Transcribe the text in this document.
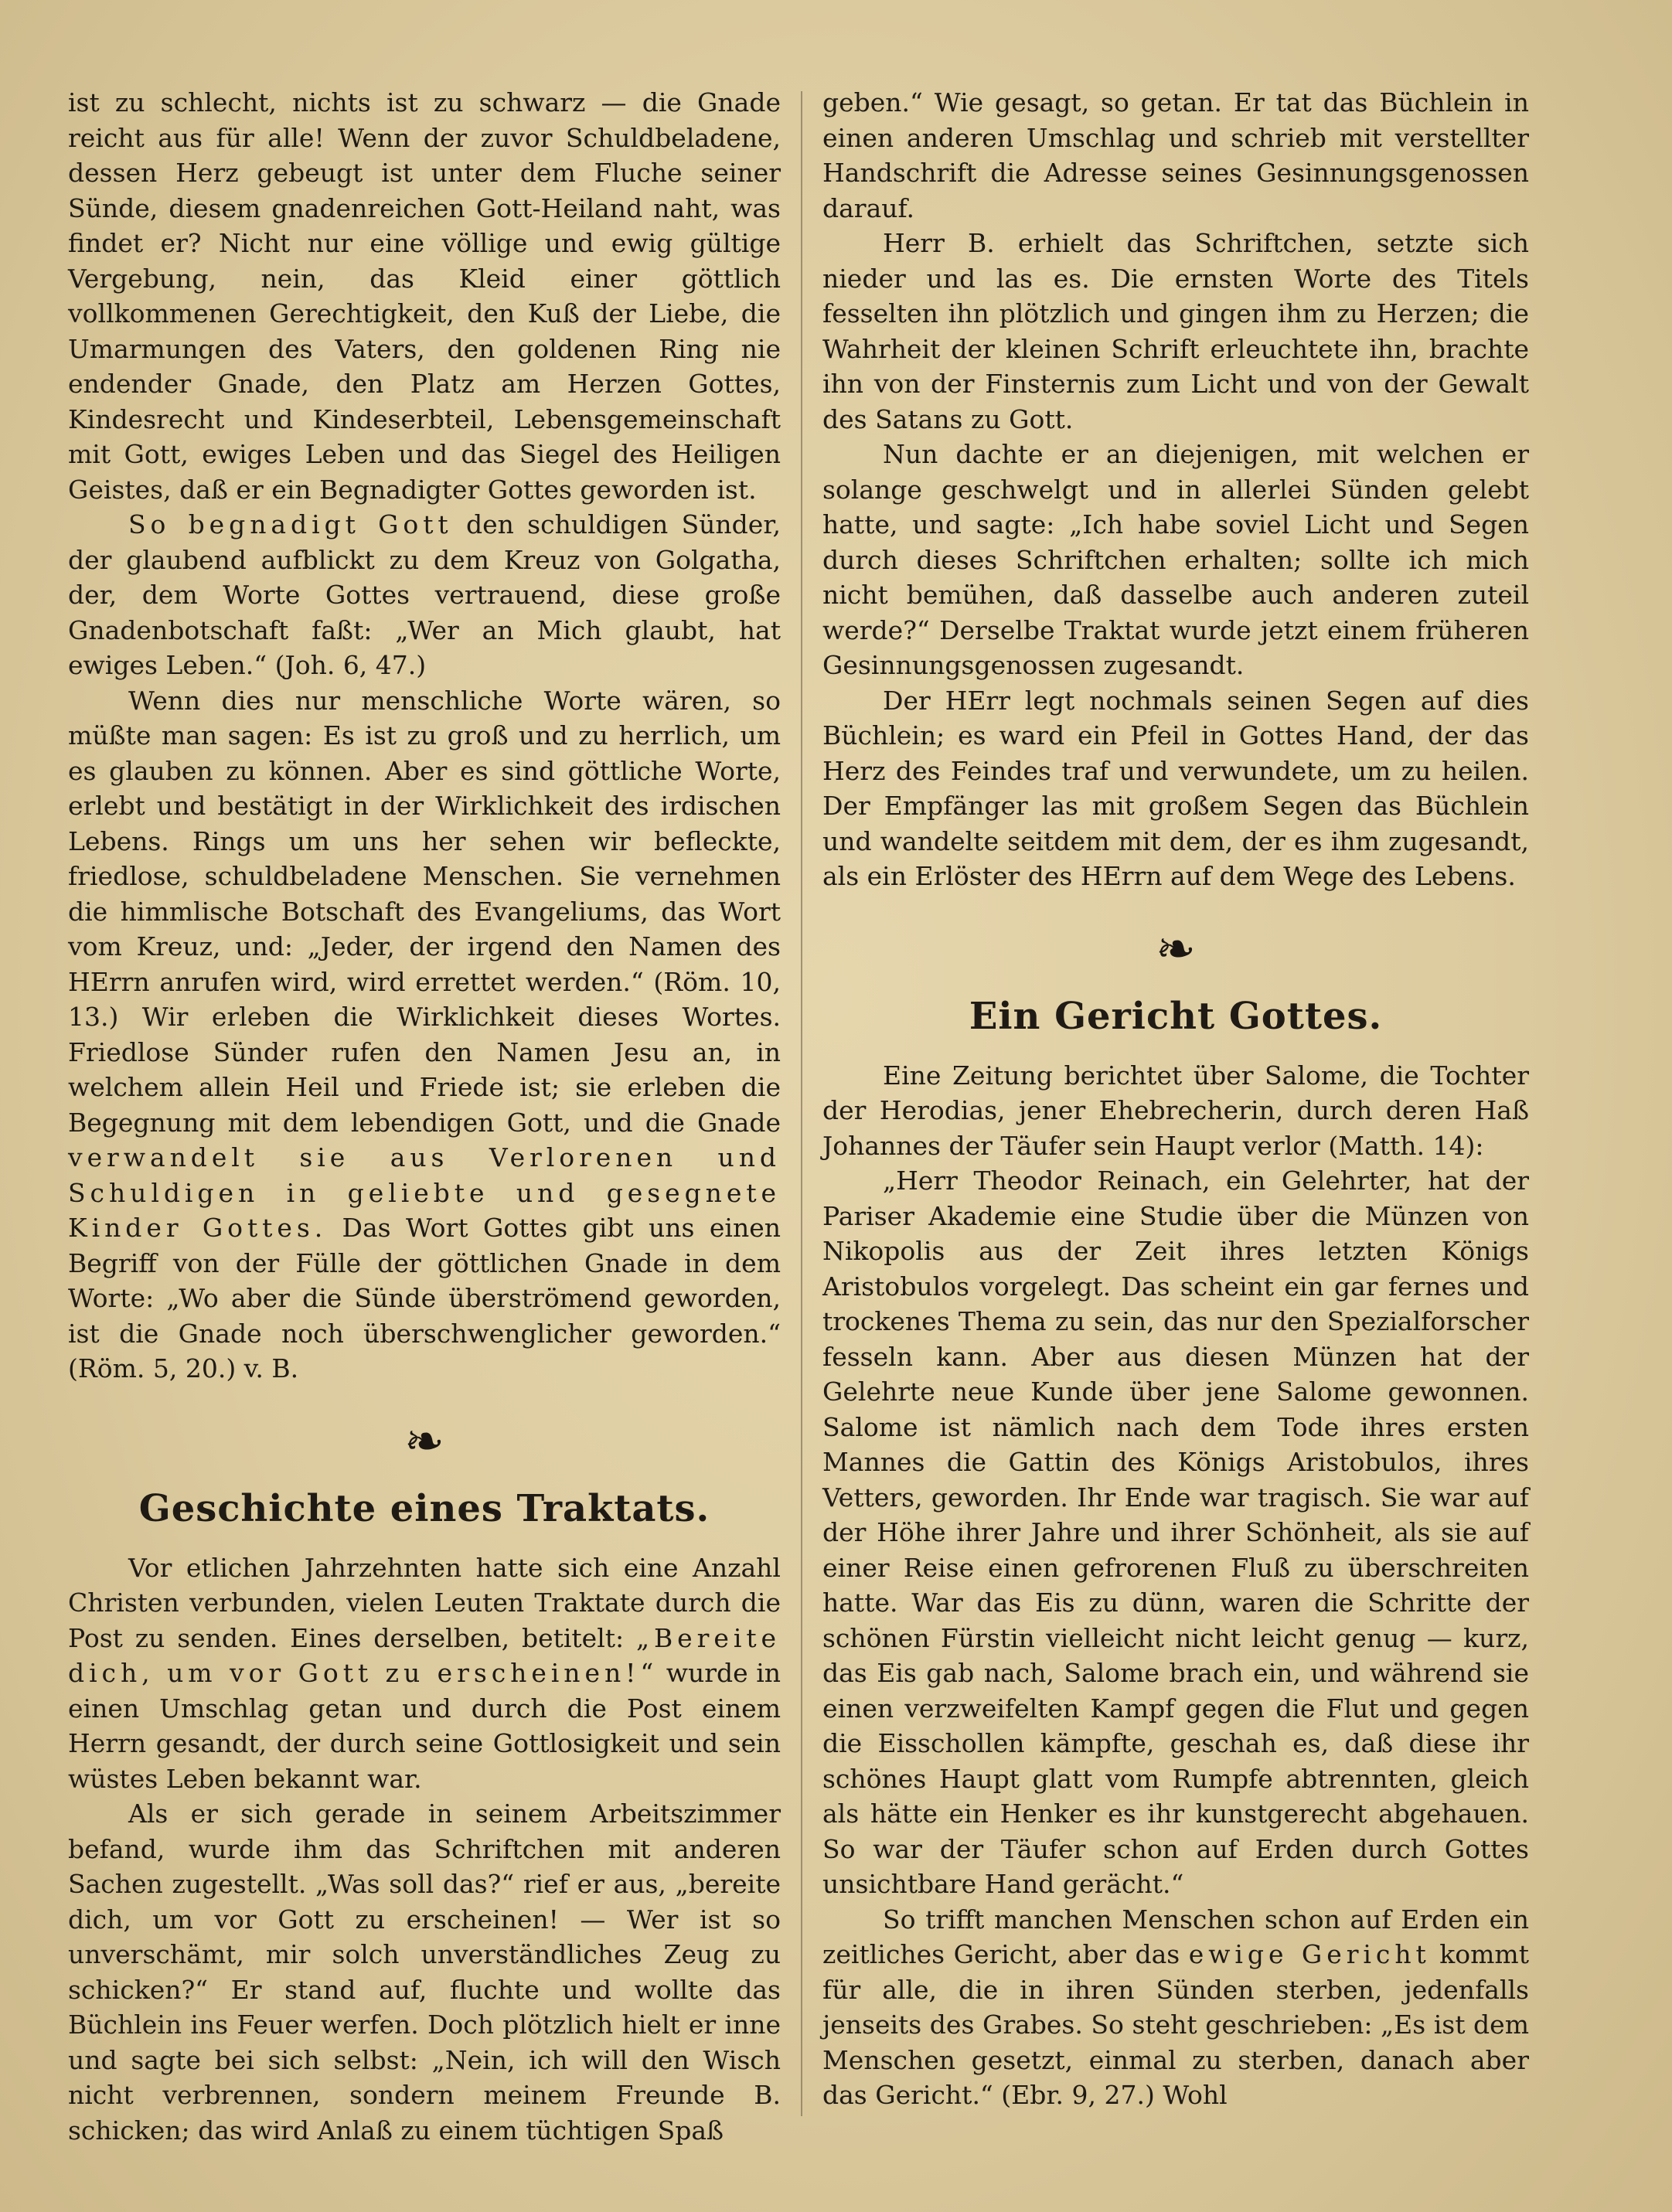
ist zu schlecht, nichts ist zu schwarz — die Gnade reicht aus für alle! Wenn der zuvor Schuldbeladene, dessen Herz gebeugt ist unter dem Fluche seiner Sünde, diesem gnadenreichen Gott-Heiland naht, was findet er? Nicht nur eine völlige und ewig gültige Vergebung, nein, das Kleid einer göttlich vollkommenen Gerechtigkeit, den Kuß der Liebe, die Umarmungen des Vaters, den goldenen Ring nie endender Gnade, den Platz am Herzen Gottes, Kindesrecht und Kindeserbteil, Lebensgemeinschaft mit Gott, ewiges Leben und das Siegel des Heiligen Geistes, daß er ein Begnadigter Gottes geworden ist.

So begnadigt Gott den schuldigen Sünder, der glaubend aufblickt zu dem Kreuz von Golgatha, der, dem Worte Gottes vertrauend, diese große Gnadenbotschaft faßt: „Wer an Mich glaubt, hat ewiges Leben.“ (Joh. 6, 47.)

Wenn dies nur menschliche Worte wären, so müßte man sagen: Es ist zu groß und zu herrlich, um es glauben zu können. Aber es sind göttliche Worte, erlebt und bestätigt in der Wirklichkeit des irdischen Lebens. Rings um uns her sehen wir befleckte, friedlose, schuldbeladene Menschen. Sie vernehmen die himmlische Botschaft des Evangeliums, das Wort vom Kreuz, und: „Jeder, der irgend den Namen des HErrn anrufen wird, wird errettet werden.“ (Röm. 10, 13.) Wir erleben die Wirklichkeit dieses Wortes. Friedlose Sünder rufen den Namen Jesu an, in welchem allein Heil und Friede ist; sie erleben die Begegnung mit dem lebendigen Gott, und die Gnade verwandelt sie aus Verlorenen und Schuldigen in geliebte und gesegnete Kinder Gottes. Das Wort Gottes gibt uns einen Begriff von der Fülle der göttlichen Gnade in dem Worte: „Wo aber die Sünde überströmend geworden, ist die Gnade noch überschwenglicher geworden.“ (Röm. 5, 20.) v. B.

❧
Geschichte eines Traktats.

Vor etlichen Jahrzehnten hatte sich eine Anzahl Christen verbunden, vielen Leuten Traktate durch die Post zu senden. Eines derselben, betitelt: „Bereite dich, um vor Gott zu erscheinen!“ wurde in einen Umschlag getan und durch die Post einem Herrn gesandt, der durch seine Gottlosigkeit und sein wüstes Leben bekannt war.

Als er sich gerade in seinem Arbeitszimmer befand, wurde ihm das Schriftchen mit anderen Sachen zugestellt. „Was soll das?“ rief er aus, „bereite dich, um vor Gott zu erscheinen! — Wer ist so unverschämt, mir solch unverständliches Zeug zu schicken?“ Er stand auf, fluchte und wollte das Büchlein ins Feuer werfen. Doch plötzlich hielt er inne und sagte bei sich selbst: „Nein, ich will den Wisch nicht verbrennen, sondern meinem Freunde B. schicken; das wird Anlaß zu einem tüchtigen Spaß

geben.“ Wie gesagt, so getan. Er tat das Büchlein in einen anderen Umschlag und schrieb mit verstellter Handschrift die Adresse seines Gesinnungsgenossen darauf.

Herr B. erhielt das Schriftchen, setzte sich nieder und las es. Die ernsten Worte des Titels fesselten ihn plötzlich und gingen ihm zu Herzen; die Wahrheit der kleinen Schrift erleuchtete ihn, brachte ihn von der Finsternis zum Licht und von der Gewalt des Satans zu Gott.

Nun dachte er an diejenigen, mit welchen er solange geschwelgt und in allerlei Sünden gelebt hatte, und sagte: „Ich habe soviel Licht und Segen durch dieses Schriftchen erhalten; sollte ich mich nicht bemühen, daß dasselbe auch anderen zuteil werde?“ Derselbe Traktat wurde jetzt einem früheren Gesinnungsgenossen zugesandt.

Der HErr legt nochmals seinen Segen auf dies Büchlein; es ward ein Pfeil in Gottes Hand, der das Herz des Feindes traf und verwundete, um zu heilen. Der Empfänger las mit großem Segen das Büchlein und wandelte seitdem mit dem, der es ihm zugesandt, als ein Erlöster des HErrn auf dem Wege des Lebens.

❧
Ein Gericht Gottes.

Eine Zeitung berichtet über Salome, die Tochter der Herodias, jener Ehebrecherin, durch deren Haß Johannes der Täufer sein Haupt verlor (Matth. 14):

„Herr Theodor Reinach, ein Gelehrter, hat der Pariser Akademie eine Studie über die Münzen von Nikopolis aus der Zeit ihres letzten Königs Aristobulos vorgelegt. Das scheint ein gar fernes und trockenes Thema zu sein, das nur den Spezialforscher fesseln kann. Aber aus diesen Münzen hat der Gelehrte neue Kunde über jene Salome gewonnen. Salome ist nämlich nach dem Tode ihres ersten Mannes die Gattin des Königs Aristobulos, ihres Vetters, geworden. Ihr Ende war tragisch. Sie war auf der Höhe ihrer Jahre und ihrer Schönheit, als sie auf einer Reise einen gefrorenen Fluß zu überschreiten hatte. War das Eis zu dünn, waren die Schritte der schönen Fürstin vielleicht nicht leicht genug — kurz, das Eis gab nach, Salome brach ein, und während sie einen verzweifelten Kampf gegen die Flut und gegen die Eisschollen kämpfte, geschah es, daß diese ihr schönes Haupt glatt vom Rumpfe abtrennten, gleich als hätte ein Henker es ihr kunstgerecht abgehauen. So war der Täufer schon auf Erden durch Gottes unsichtbare Hand gerächt.“

So trifft manchen Menschen schon auf Erden ein zeitliches Gericht, aber das ewige Gericht kommt für alle, die in ihren Sünden sterben, jedenfalls jenseits des Grabes. So steht geschrieben: „Es ist dem Menschen gesetzt, einmal zu sterben, danach aber das Gericht.“ (Ebr. 9, 27.) Wohl
